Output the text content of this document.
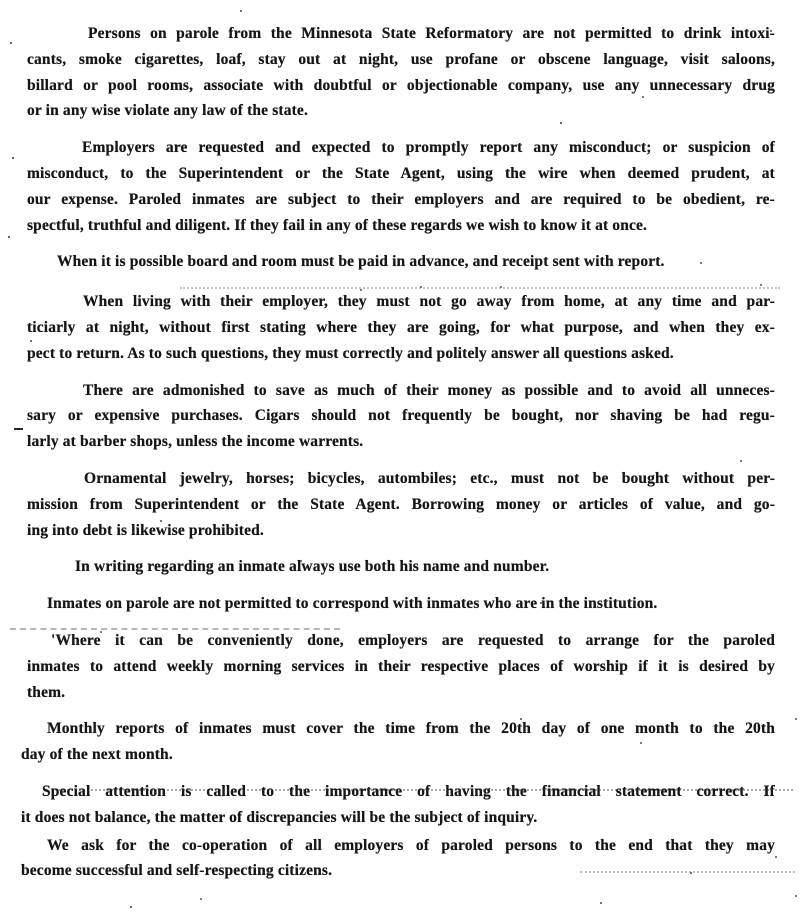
Persons on parole from the Minnesota State Reformatory are not permitted to drink intoxi-
cants, smoke cigarettes, loaf, stay out at night, use profane or obscene language, visit saloons,
billard or pool rooms, associate with doubtful or objectionable company, use any unnecessary drug
or in any wise violate any law of the state.
Employers are requested and expected to promptly report any misconduct; or suspicion of
misconduct, to the Superintendent or the State Agent, using the wire when deemed prudent, at
our expense. Paroled inmates are subject to their employers and are required to be obedient, re-
spectful, truthful and diligent. If they fail in any of these regards we wish to know it at once.
When it is possible board and room must be paid in advance, and receipt sent with report.
When living with their employer, they must not go away from home, at any time and par-
ticiarly at night, without first stating where they are going, for what purpose, and when they ex-
pect to return. As to such questions, they must correctly and politely answer all questions asked.
There are admonished to save as much of their money as possible and to avoid all unneces-
sary or expensive purchases. Cigars should not frequently be bought, nor shaving be had regu-
larly at barber shops, unless the income warrents.
Ornamental jewelry, horses; bicycles, autombiles; etc., must not be bought without per-
mission from Superintendent or the State Agent. Borrowing money or articles of value, and go-
ing into debt is likewise prohibited.
In writing regarding an inmate always use both his name and number.
Inmates on parole are not permitted to correspond with inmates who are in the institution.
'Where it can be conveniently done, employers are requested to arrange for the paroled
inmates to attend weekly morning services in their respective places of worship if it is desired by
them.
Monthly reports of inmates must cover the time from the 20th day of one month to the 20th
day of the next month.
Special attention is called to the importance of having the financial statement correct. If
it does not balance, the matter of discrepancies will be the subject of inquiry.
We ask for the co-operation of all employers of paroled persons to the end that they may
become successful and self-respecting citizens.
